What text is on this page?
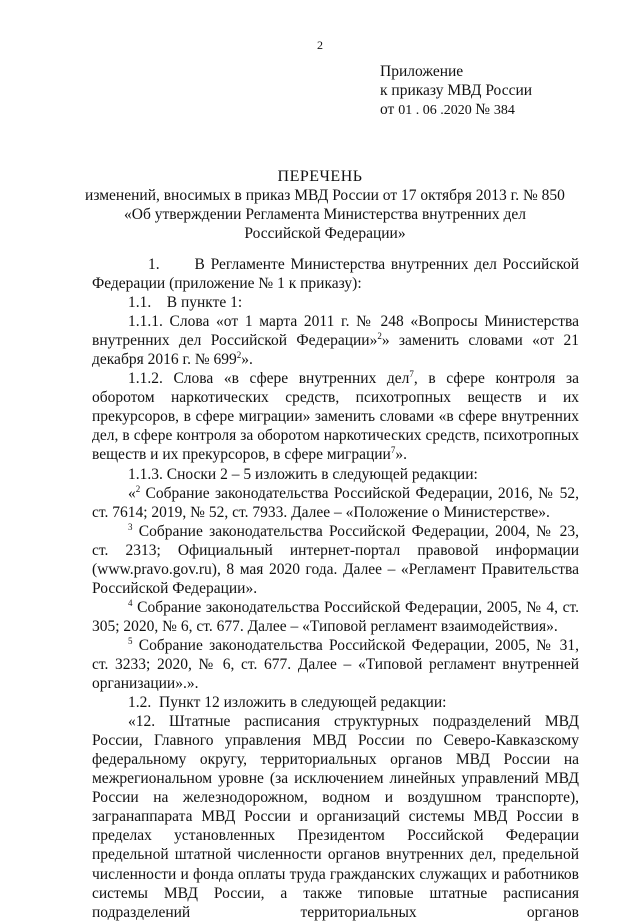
2
Приложение
к приказу МВД России
от 01 . 06 .2020 № 384
ПЕРЕЧЕНЬ
изменений, вносимых в приказ МВД России от 17 октября 2013 г. № 850
«Об утверждении Регламента Министерства внутренних дел
Российской Федерации»

1.      В Регламенте Министерства внутренних дел Российской Федерации (приложение № 1 к приказу):

1.1.    В пункте 1:

1.1.1. Слова «от 1 марта 2011 г. № 248 «Вопросы Министерства внутренних дел Российской Федерации»$^2$» заменить словами «от 21 декабря 2016 г. № $699^2$».

1.1.2. Слова «в сфере внутренних дел$^7$, в сфере контроля за оборотом наркотических средств, психотропных веществ и их прекурсоров, в сфере миграции» заменить словами «в сфере внутренних дел, в сфере контроля за оборотом наркотических средств, психотропных веществ и их прекурсоров, в сфере миграции$^7$».

1.1.3. Сноски 2 – 5 изложить в следующей редакции:

«$^2$ Собрание законодательства Российской Федерации, 2016, № 52, ст. 7614; 2019, № 52, ст. 7933. Далее – «Положение о Министерстве».

$^3$ Собрание законодательства Российской Федерации, 2004, № 23, ст. 2313; Официальный интернет-портал правовой информации (www.pravo.gov.ru), 8 мая 2020 года. Далее – «Регламент Правительства Российской Федерации».

$^4$ Собрание законодательства Российской Федерации, 2005, № 4, ст. 305; 2020, № 6, ст. 677. Далее – «Типовой регламент взаимодействия».

$^5$ Собрание законодательства Российской Федерации, 2005, № 31, ст. 3233; 2020, № 6, ст. 677. Далее – «Типовой регламент внутренней организации».».

1.2.  Пункт 12 изложить в следующей редакции:

«12. Штатные расписания структурных подразделений МВД России, Главного управления МВД России по Северо-Кавказскому федеральному округу, территориальных органов МВД России на межрегиональном уровне (за исключением линейных управлений МВД России на железнодорожном, водном и воздушном транспорте), загранаппарата МВД России и организаций системы МВД России в пределах установленных Президентом Российской Федерации предельной штатной численности органов внутренних дел, предельной численности и фонда оплаты труда гражданских служащих и работников системы МВД России, а также типовые штатные расписания подразделений территориальных органов
